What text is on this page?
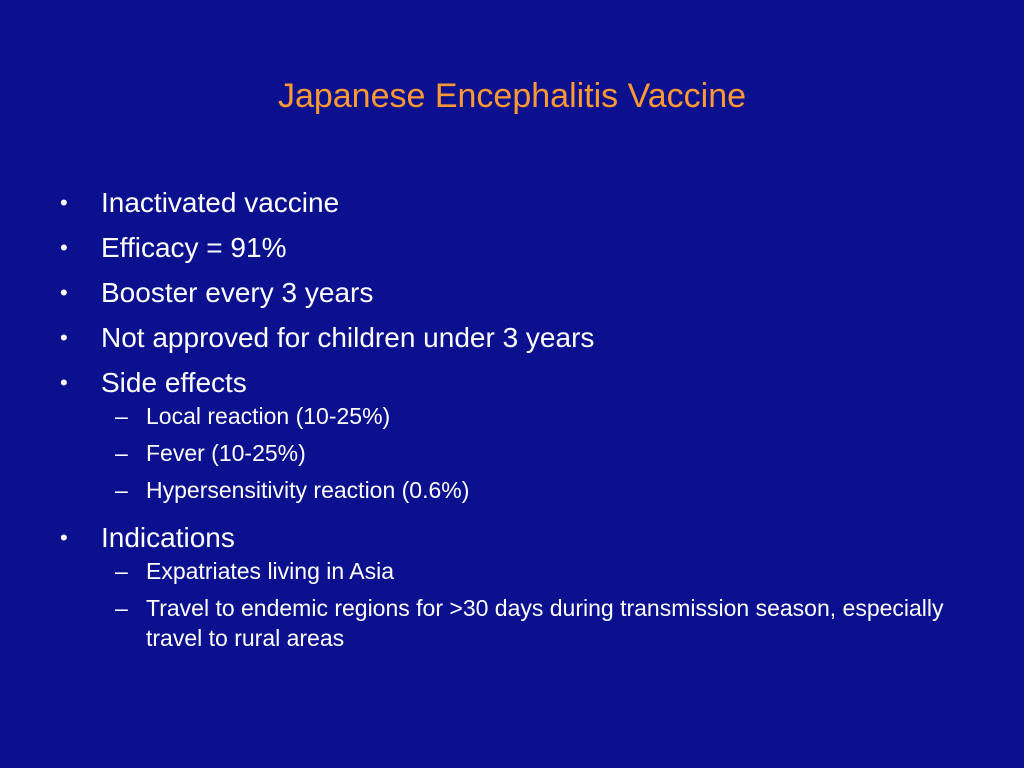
Japanese Encephalitis Vaccine
• Inactivated vaccine
• Efficacy = 91%
• Booster every 3 years
• Not approved for children under 3 years
• Side effects
– Local reaction (10-25%)
– Fever (10-25%)
– Hypersensitivity reaction (0.6%)
• Indications
– Expatriates living in Asia
– Travel to endemic regions for >30 days during transmission season, especially travel to rural areas
